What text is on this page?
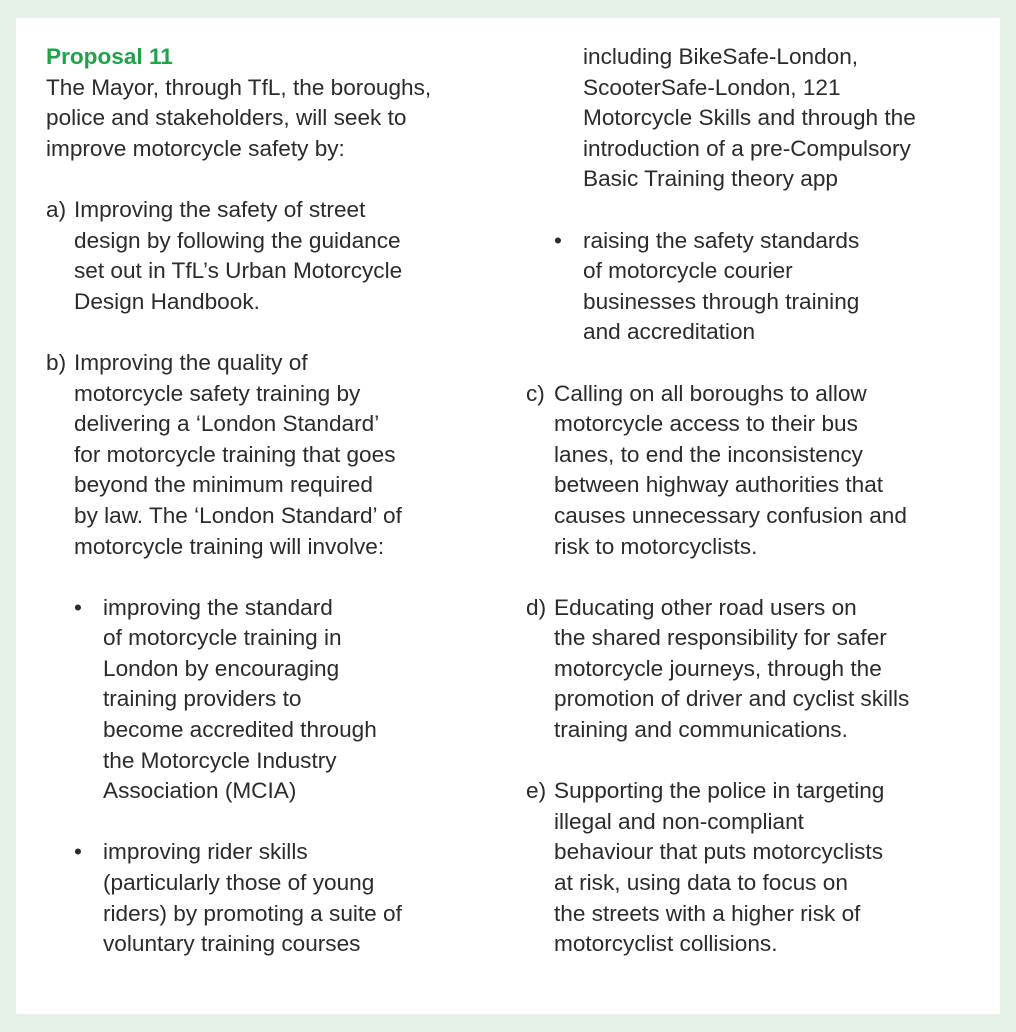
Proposal 11
The Mayor, through TfL, the boroughs,
police and stakeholders, will seek to
improve motorcycle safety by:
a) Improving the safety of street
design by following the guidance
set out in TfL’s Urban Motorcycle
Design Handbook.
b) Improving the quality of
motorcycle safety training by
delivering a ‘London Standard’
for motorcycle training that goes
beyond the minimum required
by law. The ‘London Standard’ of
motorcycle training will involve:
• improving the standard
of motorcycle training in
London by encouraging
training providers to
become accredited through
the Motorcycle Industry
Association (MCIA)
• improving rider skills
(particularly those of young
riders) by promoting a suite of
voluntary training courses
including BikeSafe-London,
ScooterSafe-London, 121
Motorcycle Skills and through the
introduction of a pre-Compulsory
Basic Training theory app
• raising the safety standards
of motorcycle courier
businesses through training
and accreditation
c) Calling on all boroughs to allow
motorcycle access to their bus
lanes, to end the inconsistency
between highway authorities that
causes unnecessary confusion and
risk to motorcyclists.
d) Educating other road users on
the shared responsibility for safer
motorcycle journeys, through the
promotion of driver and cyclist skills
training and communications.
e) Supporting the police in targeting
illegal and non-compliant
behaviour that puts motorcyclists
at risk, using data to focus on
the streets with a higher risk of
motorcyclist collisions.
